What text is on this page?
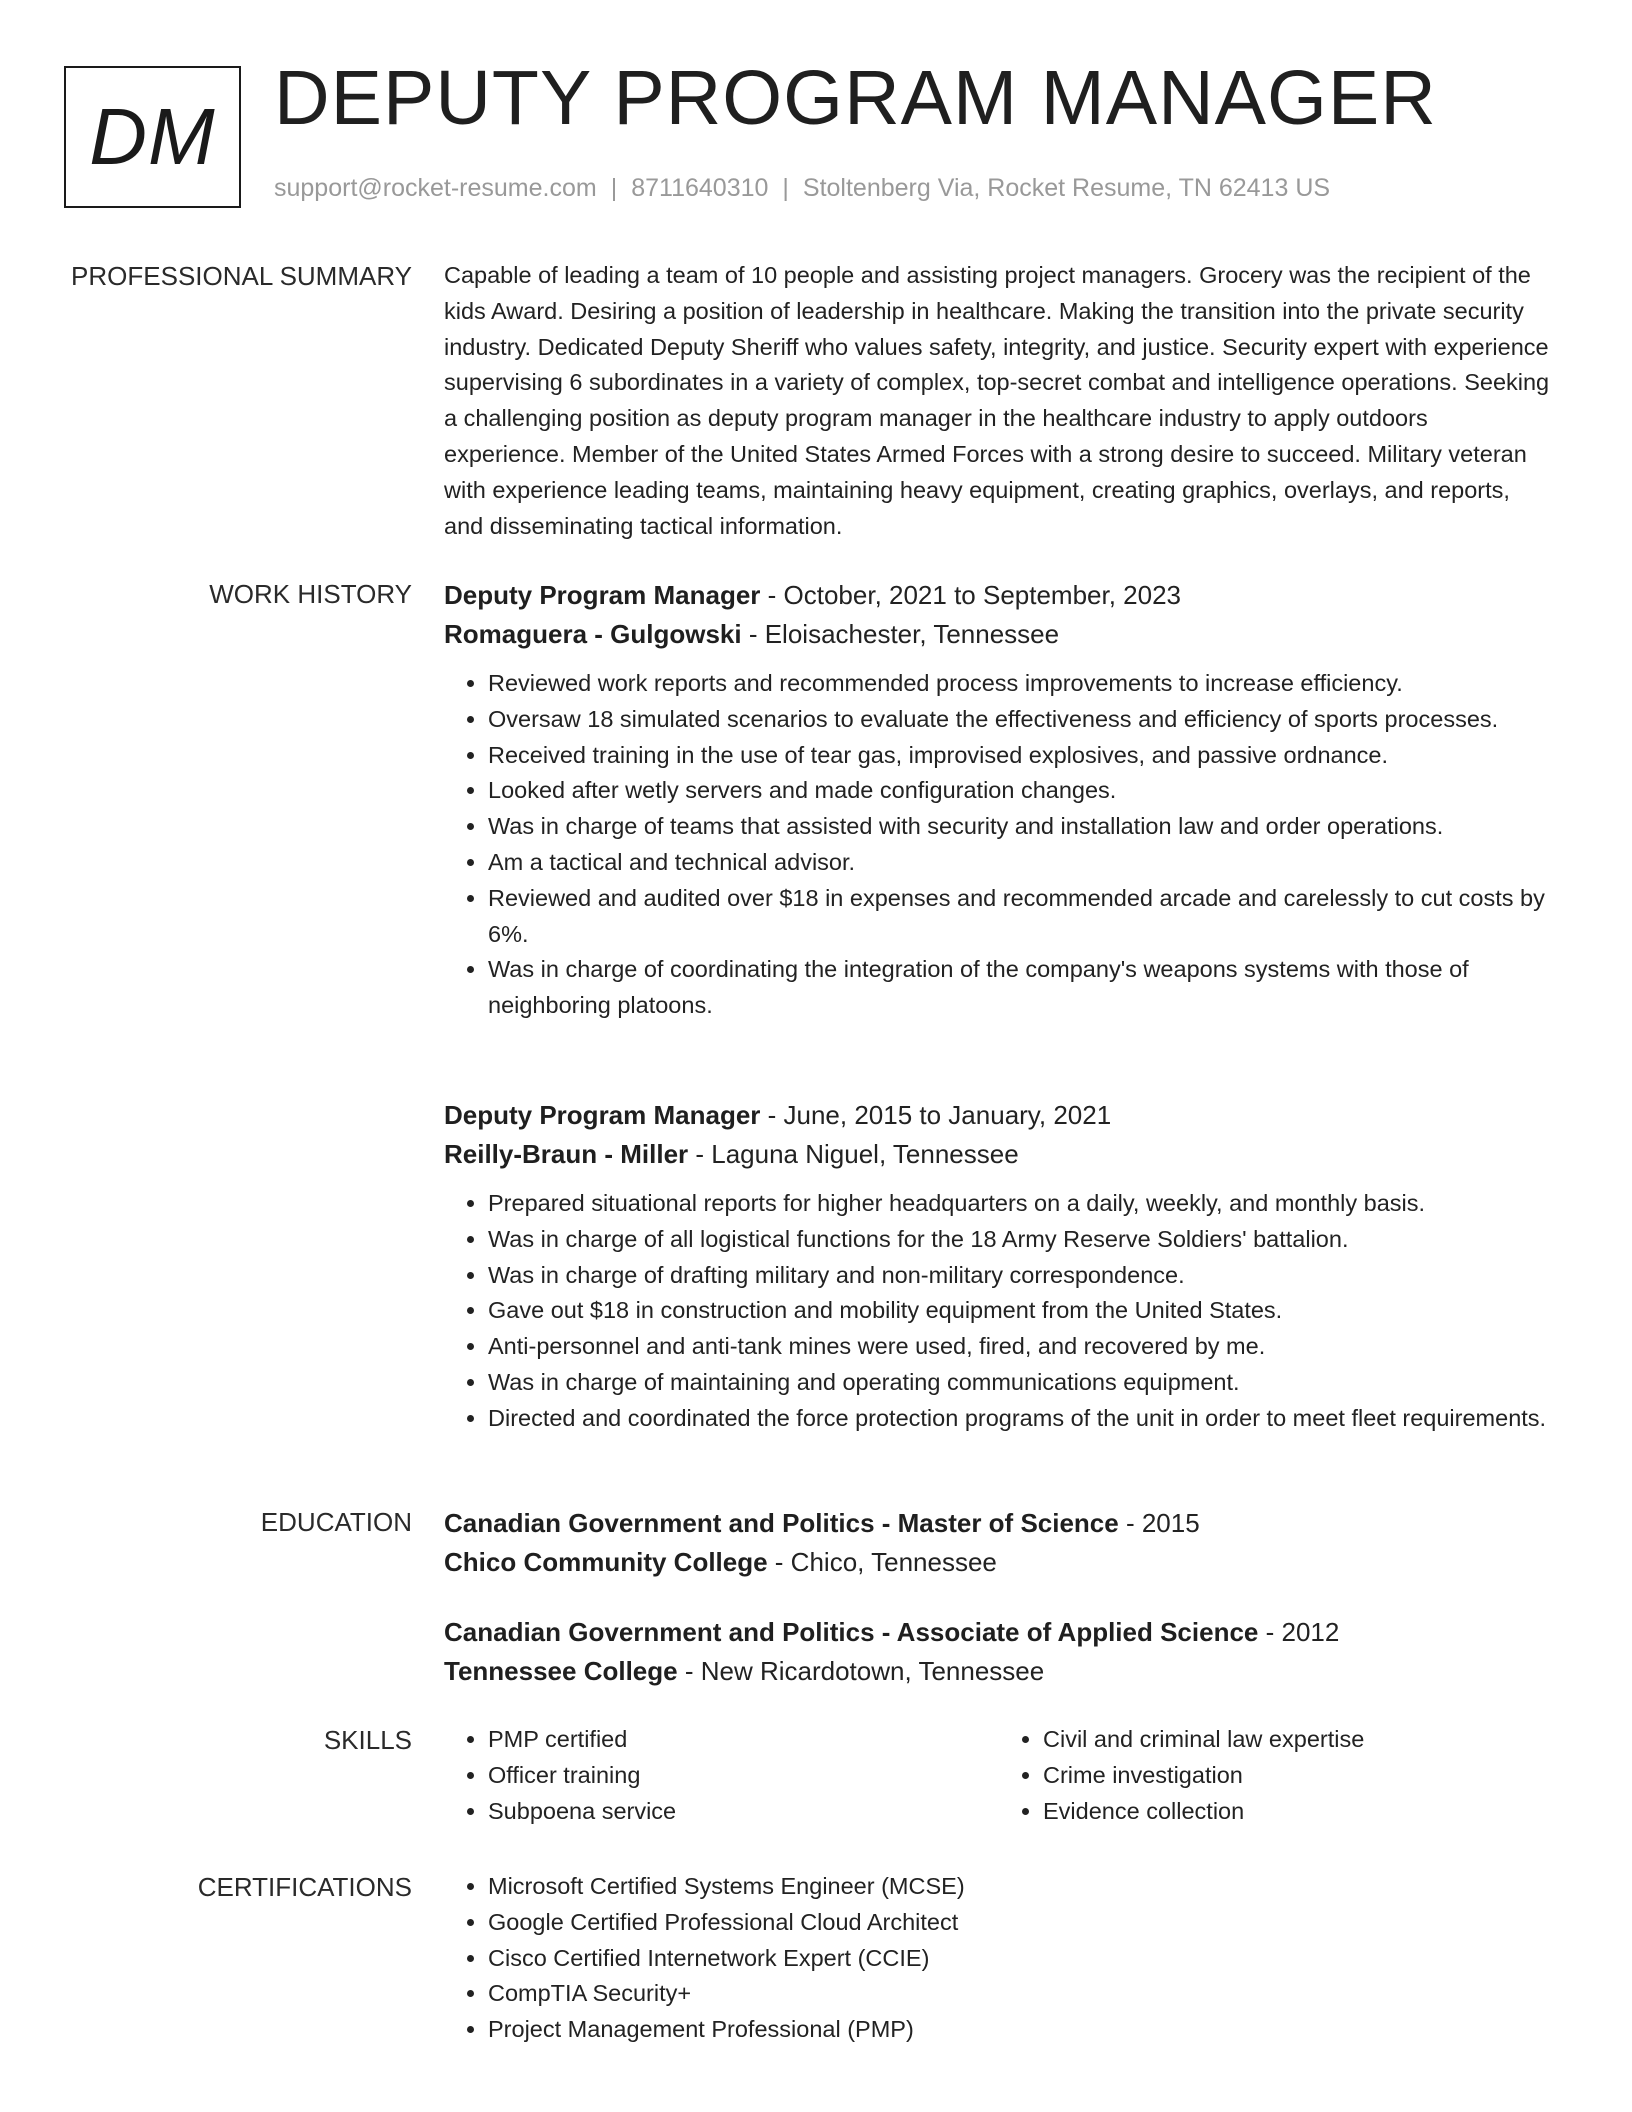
DM DEPUTY PROGRAM MANAGER
support@rocket-resume.com | 8711640310 | Stoltenberg Via, Rocket Resume, TN 62413 US
PROFESSIONAL SUMMARY Capable of leading a team of 10 people and assisting project managers. Grocery was the recipient of the kids Award. Desiring a position of leadership in healthcare. Making the transition into the private security industry. Dedicated Deputy Sheriff who values safety, integrity, and justice. Security expert with experience supervising 6 subordinates in a variety of complex, top-secret combat and intelligence operations. Seeking a challenging position as deputy program manager in the healthcare industry to apply outdoors experience. Member of the United States Armed Forces with a strong desire to succeed. Military veteran with experience leading teams, maintaining heavy equipment, creating graphics, overlays, and reports, and disseminating tactical information.

WORK HISTORY Deputy Program Manager - October, 2021 to September, 2023
Romaguera - Gulgowski - Eloisachester, Tennessee
• Reviewed work reports and recommended process improvements to increase efficiency.
• Oversaw 18 simulated scenarios to evaluate the effectiveness and efficiency of sports processes.
• Received training in the use of tear gas, improvised explosives, and passive ordnance.
• Looked after wetly servers and made configuration changes.
• Was in charge of teams that assisted with security and installation law and order operations.
• Am a tactical and technical advisor.
• Reviewed and audited over $18 in expenses and recommended arcade and carelessly to cut costs by 6%.
• Was in charge of coordinating the integration of the company's weapons systems with those of neighboring platoons.
Deputy Program Manager - June, 2015 to January, 2021
Reilly-Braun - Miller - Laguna Niguel, Tennessee
• Prepared situational reports for higher headquarters on a daily, weekly, and monthly basis.
• Was in charge of all logistical functions for the 18 Army Reserve Soldiers' battalion.
• Was in charge of drafting military and non-military correspondence.
• Gave out $18 in construction and mobility equipment from the United States.
• Anti-personnel and anti-tank mines were used, fired, and recovered by me.
• Was in charge of maintaining and operating communications equipment.
• Directed and coordinated the force protection programs of the unit in order to meet fleet requirements.
EDUCATION Canadian Government and Politics - Master of Science - 2015
Chico Community College - Chico, Tennessee
Canadian Government and Politics - Associate of Applied Science - 2012
Tennessee College - New Ricardotown, Tennessee
SKILLS	• PMP certified
• Officer training
• Subpoena service
• Civil and criminal law expertise
• Crime investigation
• Evidence collection
CERTIFICATIONS	• Microsoft Certified Systems Engineer (MCSE)
• Google Certified Professional Cloud Architect
• Cisco Certified Internetwork Expert (CCIE)
• CompTIA Security+
• Project Management Professional (PMP)
